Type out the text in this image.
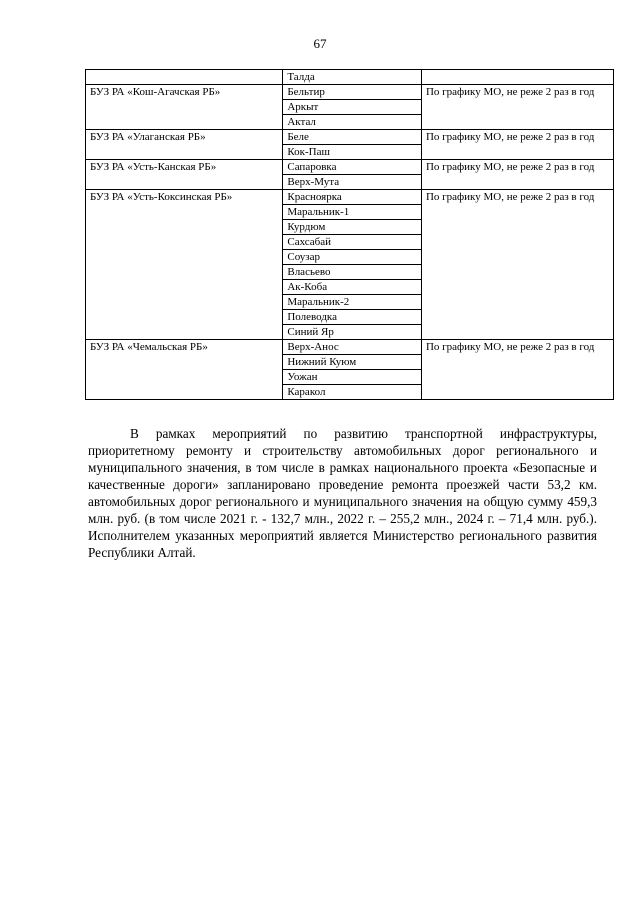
67
	Талда	
БУЗ РА «Кош-Агачская РБ»	Бельтир	По графику МО, не реже 2 раз в год
	Аркыт	
	Актал	
БУЗ РА «Улаганская РБ»	Беле	По графику МО, не реже 2 раз в год
	Кок-Паш	
БУЗ РА «Усть-Канская РБ»	Сапаровка	По графику МО, не реже 2 раз в год
	Верх-Мута	
БУЗ РА «Усть-Коксинская РБ»	Красноярка	По графику МО, не реже 2 раз в год
	Маральник-1	
	Курдюм	
	Сахсабай	
	Соузар	
	Власьево	
	Ак-Коба	
	Маральник-2	
	Полеводка	
	Синий Яр	
БУЗ РА «Чемальская РБ»	Верх-Анос	По графику МО, не реже 2 раз в год
	Нижний Куюм	
	Уожан	
	Каракол	

В рамках мероприятий по развитию транспортной инфраструктуры, приоритетному ремонту и строительству автомобильных дорог регионального и муниципального значения, в том числе в рамках национального проекта «Безопасные и качественные дороги» запланировано проведение ремонта проезжей части 53,2 км. автомобильных дорог регионального и муниципального значения на общую сумму 459,3 млн. руб. (в том числе 2021 г. - 132,7 млн., 2022 г. – 255,2 млн., 2024 г. – 71,4 млн. руб.). Исполнителем указанных мероприятий является Министерство регионального развития Республики Алтай.
